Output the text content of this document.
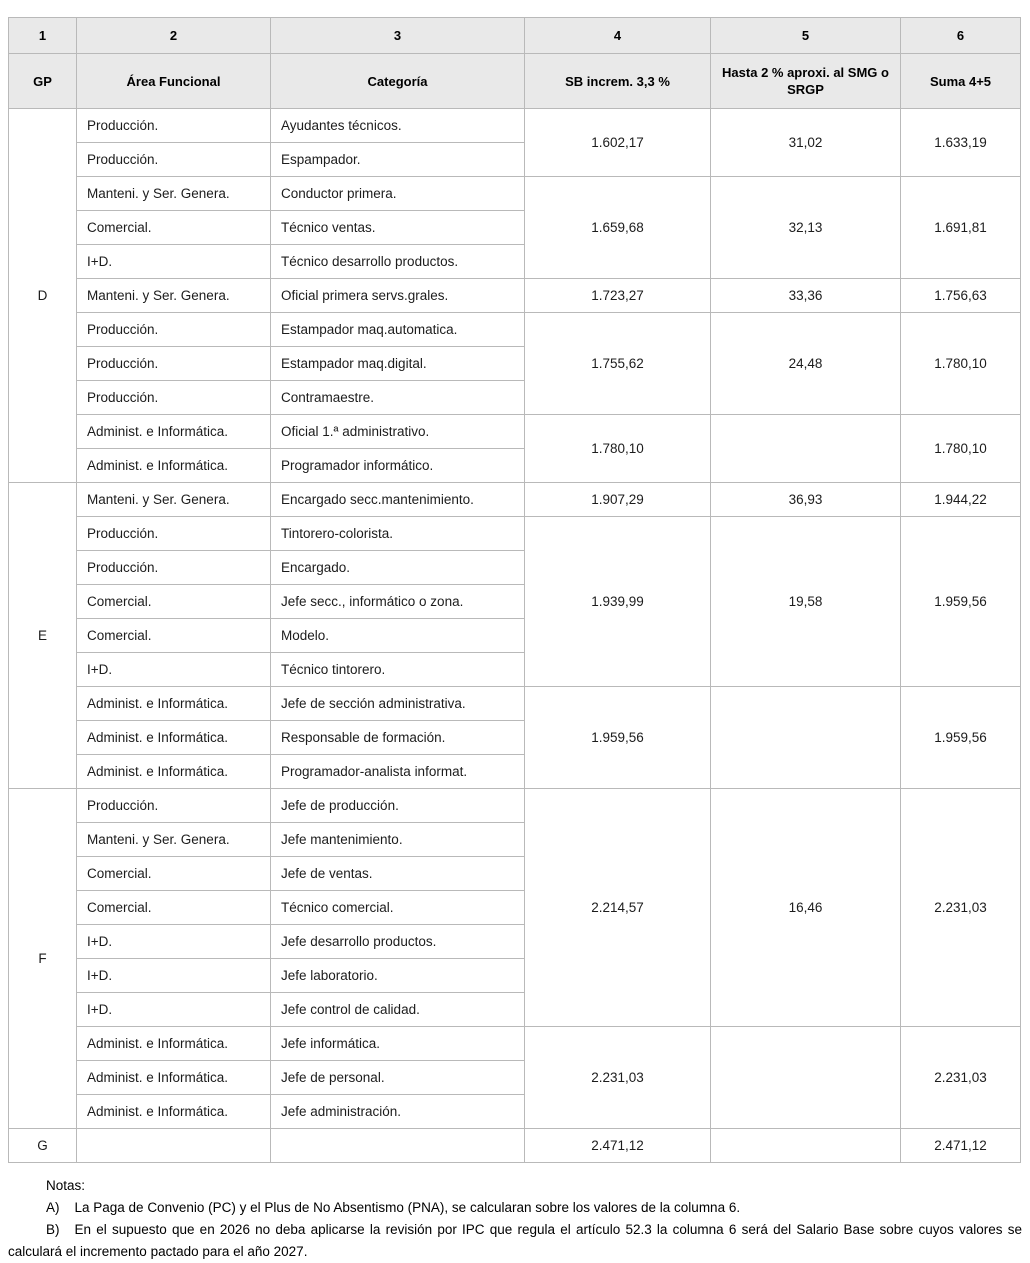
1	2	3	4	5	6
GP	Área Funcional	Categoría	SB increm. 3,3 %	Hasta 2 % aproxi. al SMG o SRGP	Suma 4+5
D	Producción.	Ayudantes técnicos.	1.602,17	31,02	1.633,19
	Producción.	Espampador.			
	Manteni. y Ser. Genera.	Conductor primera.	1.659,68	32,13	1.691,81
	Comercial.	Técnico ventas.			
	I+D.	Técnico desarrollo productos.			
	Manteni. y Ser. Genera.	Oficial primera servs.grales.	1.723,27	33,36	1.756,63
	Producción.	Estampador maq.automatica.	1.755,62	24,48	1.780,10
	Producción.	Estampador maq.digital.			
	Producción.	Contramaestre.			
	Administ. e Informática.	Oficial 1.ª administrativo.	1.780,10		1.780,10
	Administ. e Informática.	Programador informático.			
E	Manteni. y Ser. Genera.	Encargado secc.mantenimiento.	1.907,29	36,93	1.944,22
	Producción.	Tintorero-colorista.	1.939,99	19,58	1.959,56
	Producción.	Encargado.			
	Comercial.	Jefe secc., informático o zona.			
	Comercial.	Modelo.			
	I+D.	Técnico tintorero.			
	Administ. e Informática.	Jefe de sección administrativa.	1.959,56		1.959,56
	Administ. e Informática.	Responsable de formación.			
	Administ. e Informática.	Programador-analista informat.			
F	Producción.	Jefe de producción.	2.214,57	16,46	2.231,03
	Manteni. y Ser. Genera.	Jefe mantenimiento.			
	Comercial.	Jefe de ventas.			
	Comercial.	Técnico comercial.			
	I+D.	Jefe desarrollo productos.			
	I+D.	Jefe laboratorio.			
	I+D.	Jefe control de calidad.			
	Administ. e Informática.	Jefe informática.	2.231,03		2.231,03
	Administ. e Informática.	Jefe de personal.			
	Administ. e Informática.	Jefe administración.			
G			2.471,12		2.471,12

Notas:

A) La Paga de Convenio (PC) y el Plus de No Absentismo (PNA), se calcularan sobre los valores de la columna 6.

B) En el supuesto que en 2026 no deba aplicarse la revisión por IPC que regula el artículo 52.3 la columna 6 será del Salario Base sobre cuyos valores se calculará el incremento pactado para el año 2027.
